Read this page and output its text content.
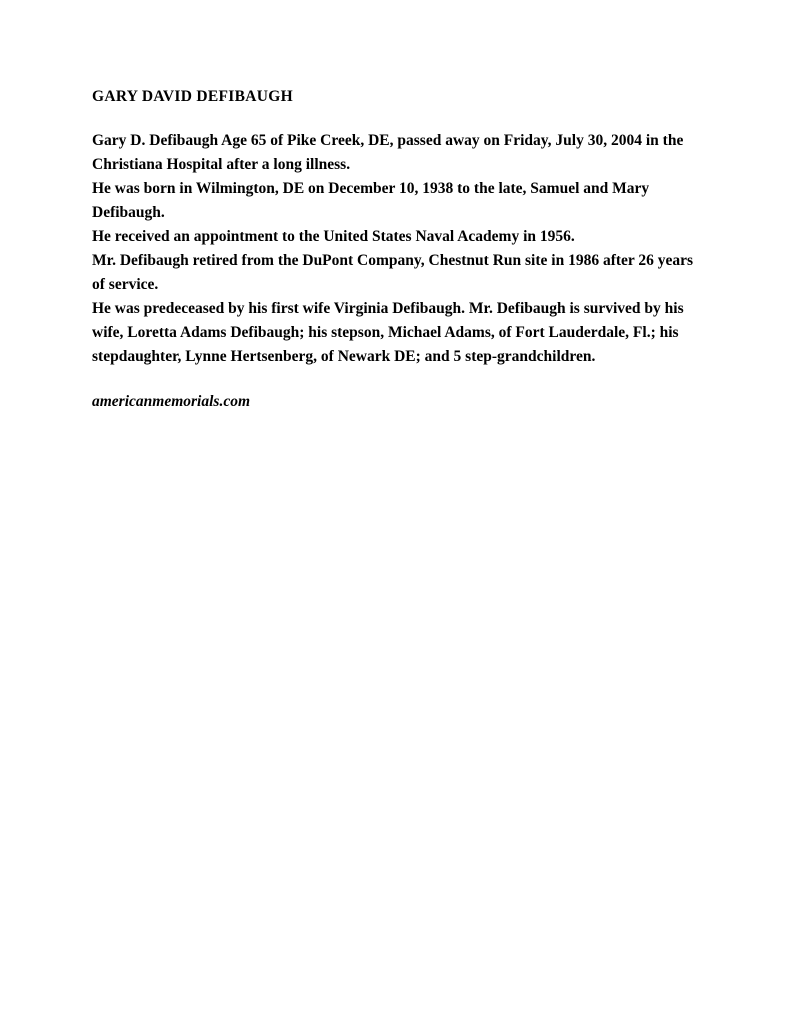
GARY DAVID DEFIBAUGH

Gary D. Defibaugh Age 65 of Pike Creek, DE, passed away on Friday, July 30, 2004 in the Christiana Hospital after a long illness.

He was born in Wilmington, DE on December 10, 1938 to the late, Samuel and Mary Defibaugh.

He received an appointment to the United States Naval Academy in 1956.

Mr. Defibaugh retired from the DuPont Company, Chestnut Run site in 1986 after 26 years of service.

He was predeceased by his first wife Virginia Defibaugh. Mr. Defibaugh is survived by his wife, Loretta Adams Defibaugh; his stepson, Michael Adams, of Fort Lauderdale, Fl.; his stepdaughter, Lynne Hertsenberg, of Newark DE; and 5 step-grandchildren.

americanmemorials.com
